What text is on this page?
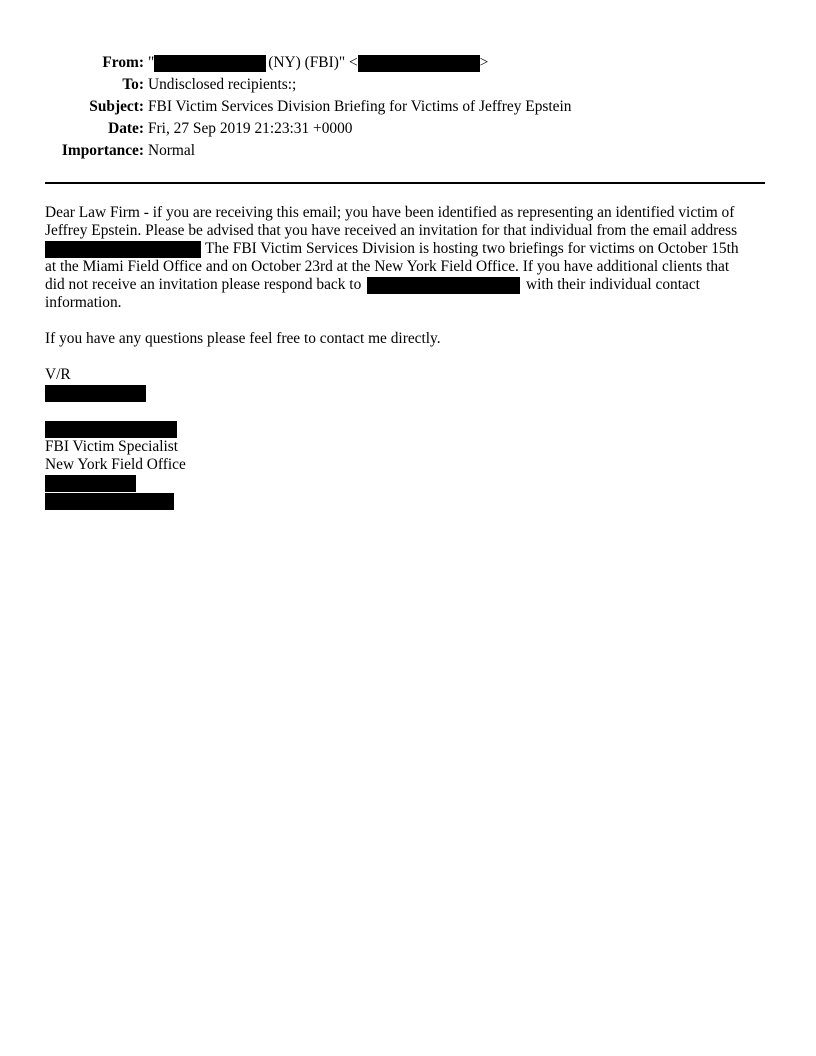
From: "	(NY) (FBI)" <	>
To: Undisclosed recipients:;
Subject: FBI Victim Services Division Briefing for Victims of Jeffrey Epstein
Date: Fri, 27 Sep 2019 21:23:31 +0000
Importance: Normal
Dear Law Firm - if you are receiving this email; you have been identified as representing an identified victim of
Jeffrey Epstein. Please be advised that you have received an invitation for that individual from the email address
The FBI Victim Services Division is hosting two briefings for victims on October 15th
at the Miami Field Office and on October 23rd at the New York Field Office. If you have additional clients that
did not receive an invitation please respond back to	with their individual contact
information.
If you have any questions please feel free to contact me directly.
V/R
FBI Victim Specialist
New York Field Office
